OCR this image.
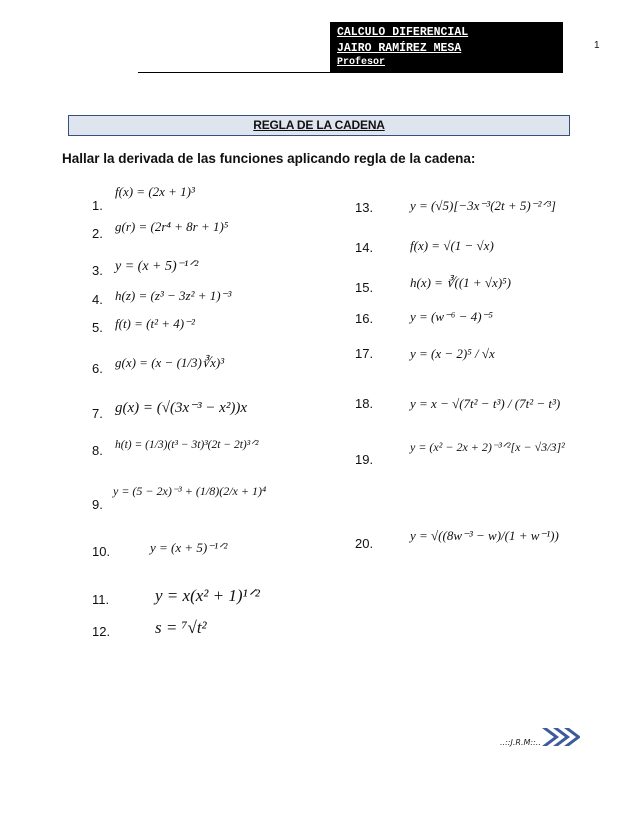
CALCULO DIFERENCIAL
JAIRO RAMÍREZ MESA
Profesor
1
REGLA DE LA CADENA
Hallar la derivada de las funciones aplicando regla de la cadena:
1.
f(x) = (2x + 1)³
2. g(r) = (2r⁴ + 8r + 1)⁵
3. y = (x + 5)⁻¹ᐟ²
4. h(z) = (z³ − 3z² + 1)⁻³
5. f(t) = (t² + 4)⁻²
6. g(x) = (x − (1/3)∛x)³
7. g(x) = (√(3x⁻³ − x²))x
8. h(t) = (1/3)(t³ − 3t)³(2t − 2t)³ᐟ²
9.
y = (5 − 2x)⁻³ + (1/8)(2/x + 1)⁴
10.	y = (x + 5)⁻¹ᐟ²
11.	y = x(x² + 1)¹ᐟ²
12.	s = ⁷√t²
13.	y = (√5)[−3x⁻³(2t + 5)⁻²ᐟ³]
14.	f(x) = √(1 − √x)
15.	h(x) = ∛((1 + √x)⁵)
16.	y = (w⁻⁶ − 4)⁻⁵
17.	y = (x − 2)⁵ / √x
18.	y = x − √(7t² − t³) / (7t² − t³)
19.
y = (x² − 2x + 2)⁻³ᐟ²[x − √3/3]²
20.
y = √((8w⁻³ − w)/(1 + w⁻¹))
..::J.R.M::..
